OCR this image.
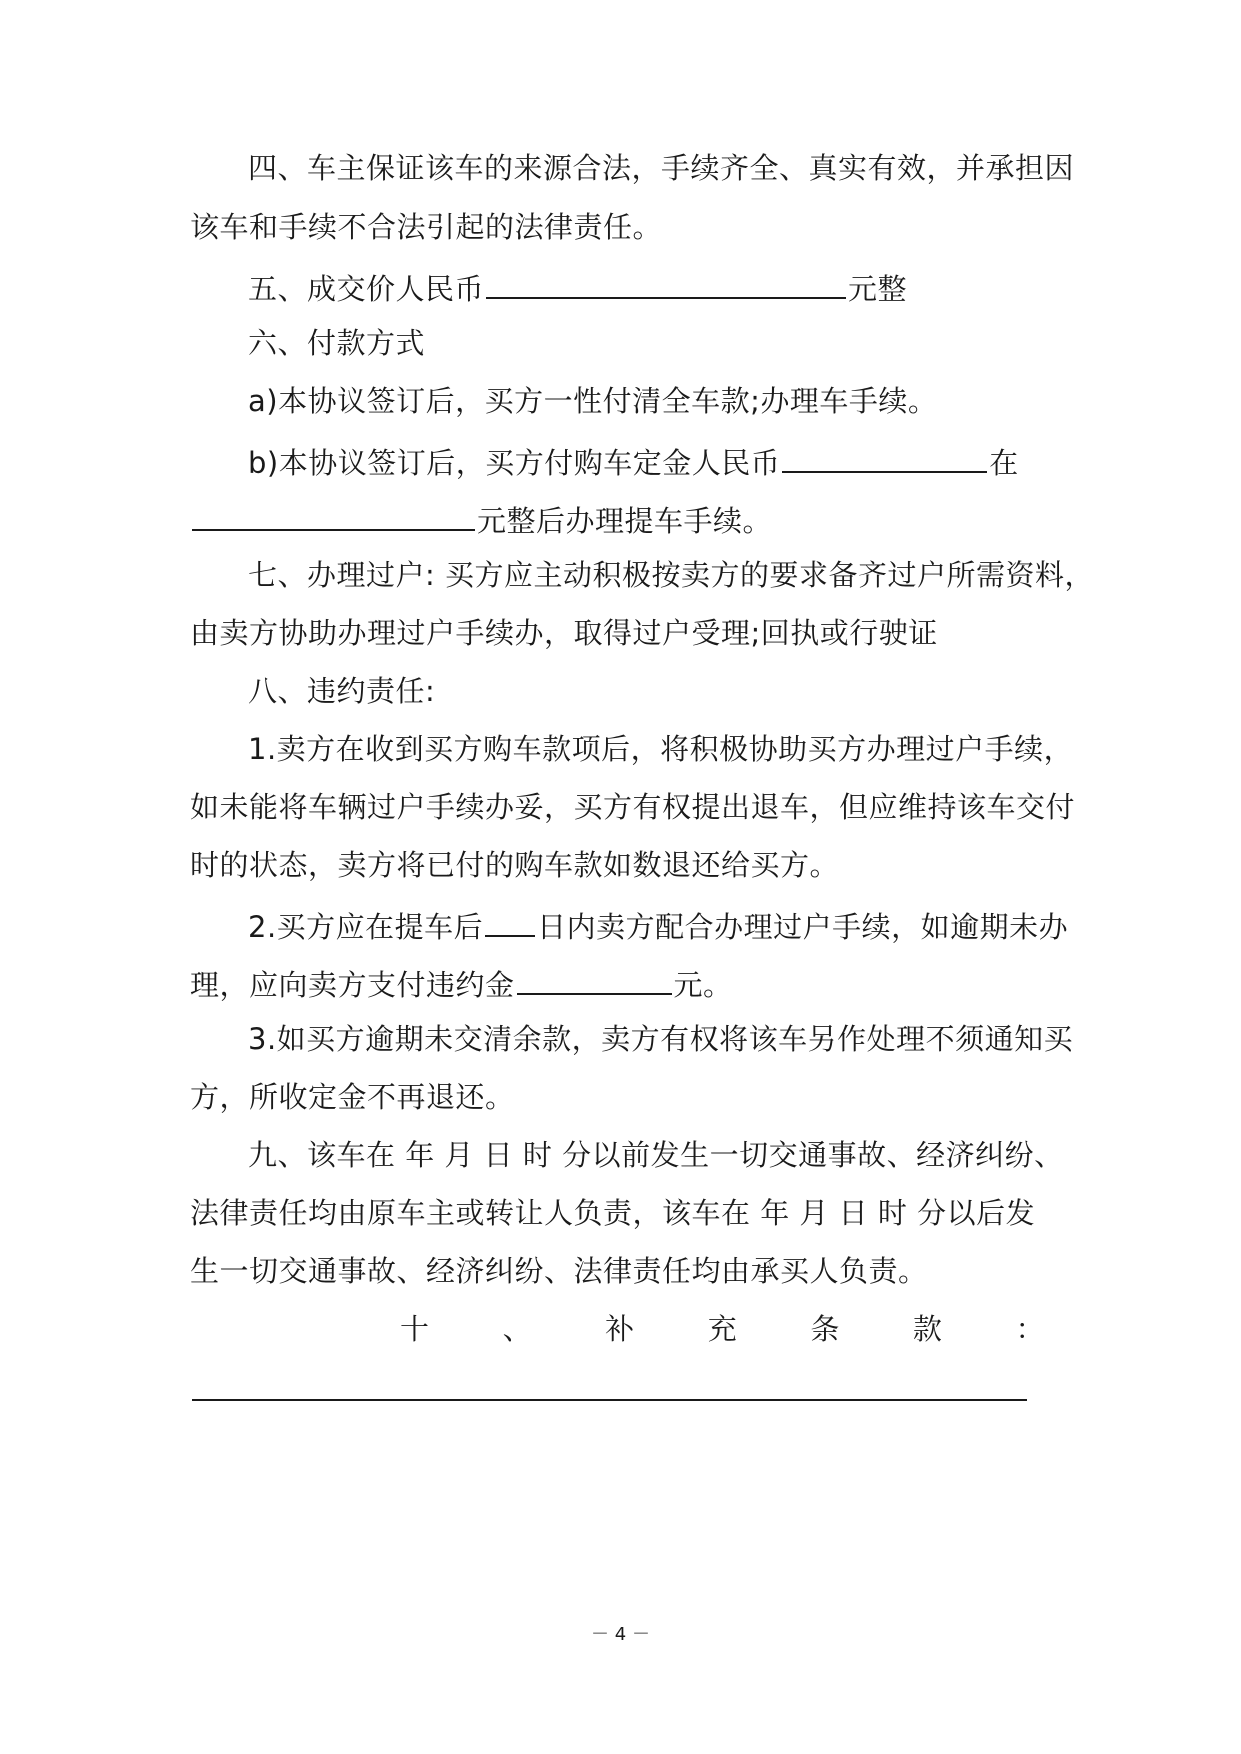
四、车主保证该车的来源合法，手续齐全、真实有效，并承担因
该车和手续不合法引起的法律责任。
五、成交价人民币	元整
六、付款方式
a)本协议签订后，买方一性付清全车款;办理车手续。
b)本协议签订后，买方付购车定金人民币	在
元整后办理提车手续。
七、办理过户: 买方应主动积极按卖方的要求备齐过户所需资料，
由卖方协助办理过户手续办，取得过户受理;回执或行驶证
八、违约责任:
1.卖方在收到买方购车款项后，将积极协助买方办理过户手续，
如未能将车辆过户手续办妥，买方有权提出退车，但应维持该车交付
时的状态，卖方将已付的购车款如数退还给买方。
2.买方应在提车后 日内卖方配合办理过户手续，如逾期未办
理，应向卖方支付违约金	元。
3.如买方逾期未交清余款，卖方有权将该车另作处理不须通知买
方，所收定金不再退还。
九、该车在 年 月 日 时 分以前发生一切交通事故、经济纠纷、
法律责任均由原车主或转让人负责，该车在 年 月 日 时 分以后发
生一切交通事故、经济纠纷、法律责任均由承买人负责。
十	、	补	充	条	款	：
－ 4 －
